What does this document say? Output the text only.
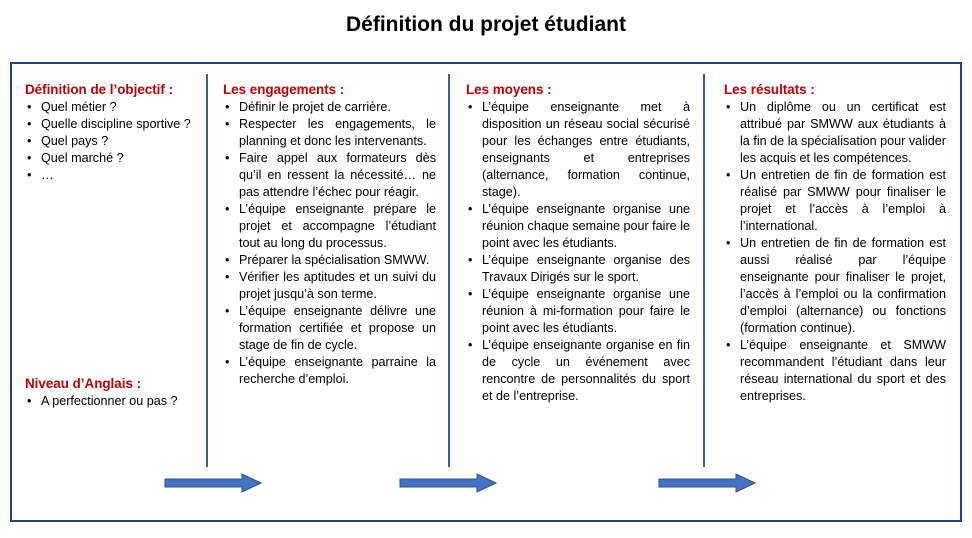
Définition du projet étudiant
Définition de l’objectif :
• Quel métier ?
• Quelle discipline sportive ?
• Quel pays ?
• Quel marché ?
• …
Niveau d’Anglais :
• A perfectionner ou pas ?
Les engagements :
• Définir le projet de carrière.
• Respecter les engagements, le planning et donc les intervenants.
• Faire appel aux formateurs dès qu’il en ressent la nécessité… ne pas attendre l’échec pour réagir.
• L’équipe enseignante prépare le projet et accompagne l’étudiant tout au long du processus.
• Préparer la spécialisation SMWW.
• Vérifier les aptitudes et un suivi du projet jusqu’à son terme.
• L’équipe enseignante délivre une formation certifiée et propose un stage de fin de cycle.
• L’équipe enseignante parraine la recherche d’emploi.
Les moyens :
• L’équipe enseignante met à disposition un réseau social sécurisé pour les échanges entre étudiants, enseignants et entreprises (alternance, formation continue, stage).
• L’équipe enseignante organise une réunion chaque semaine pour faire le point avec les étudiants.
• L’équipe enseignante organise des Travaux Dirigés sur le sport.
• L’équipe enseignante organise une réunion à mi-formation pour faire le point avec les étudiants.
• L’équipe enseignante organise en fin de cycle un événement avec rencontre de personnalités du sport et de l’entreprise.
Les résultats :
• Un diplôme ou un certificat est attribué par SMWW aux étudiants à la fin de la spécialisation pour valider les acquis et les compétences.
• Un entretien de fin de formation est réalisé par SMWW pour finaliser le projet et l’accès à l’emploi à l’international.
• Un entretien de fin de formation est aussi réalisé par l’équipe enseignante pour finaliser le projet, l’accès à l’emploi ou la confirmation d’emploi (alternance) ou fonctions (formation continue).
• L’équipe enseignante et SMWW recommandent l’étudiant dans leur réseau international du sport et des entreprises.
